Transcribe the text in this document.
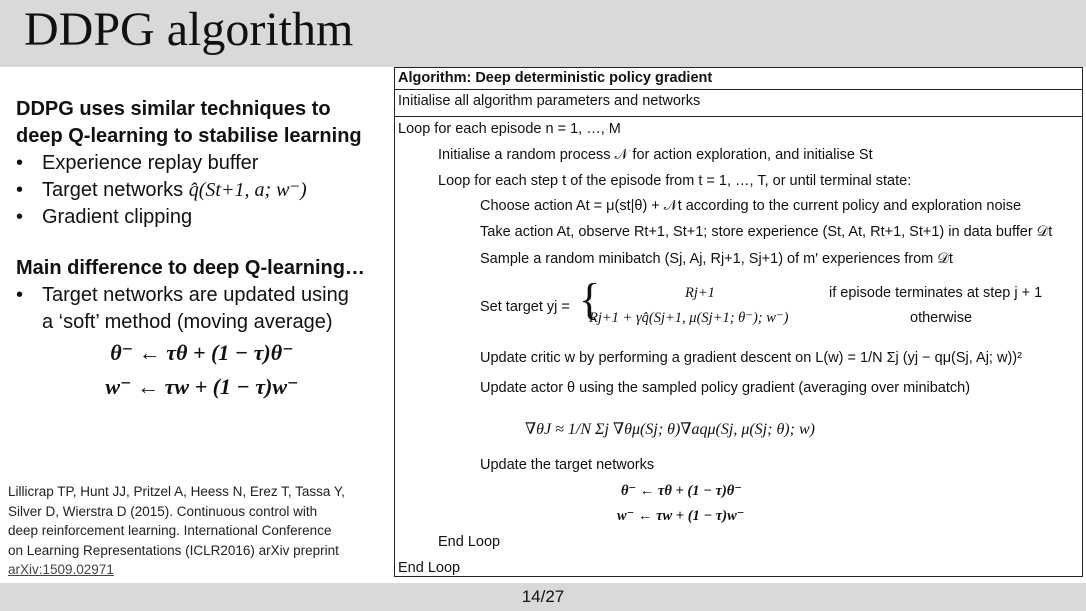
DDPG algorithm
DDPG uses similar techniques to
deep Q-learning to stabilise learning
• Experience replay buffer
• Target networks q̂(St+1, a; w⁻)
• Gradient clipping
Main difference to deep Q-learning…
• Target networks are updated using
a ‘soft’ method (moving average)
θ⁻ ← τθ + (1 − τ)θ⁻
w⁻ ← τw + (1 − τ)w⁻
Lillicrap TP, Hunt JJ, Pritzel A, Heess N, Erez T, Tassa Y,
Silver D, Wierstra D (2015). Continuous control with
deep reinforcement learning. International Conference
on Learning Representations (ICLR2016) arXiv preprint
arXiv:1509.02971
Algorithm: Deep deterministic policy gradient
Initialise all algorithm parameters and networks
Loop for each episode n = 1, …, M
Initialise a random process 𝒩 for action exploration, and initialise St
Loop for each step t of the episode from t = 1, …, T, or until terminal state:
Choose action At = μ(st|θ) + 𝒩t according to the current policy and exploration noise
Take action At, observe Rt+1, St+1; store experience (St, At, Rt+1, St+1) in data buffer 𝒟t
Sample a random minibatch (Sj, Aj, Rj+1, Sj+1) of m′ experiences from 𝒟t
Set target yj = {	Rj+1	if episode terminates at step j + 1
Rj+1 + γq̂(Sj+1, μ(Sj+1; θ⁻); w⁻)	otherwise
Update critic w by performing a gradient descent on L(w) = 1/N Σj (yj − qμ(Sj, Aj; w))²
Update actor θ using the sampled policy gradient (averaging over minibatch)
∇θJ ≈ 1/N Σj ∇θμ(Sj; θ)∇aqμ(Sj, μ(Sj; θ); w)
Update the target networks
θ⁻ ← τθ + (1 − τ)θ⁻
w⁻ ← τw + (1 − τ)w⁻
End Loop
End Loop
14/27
